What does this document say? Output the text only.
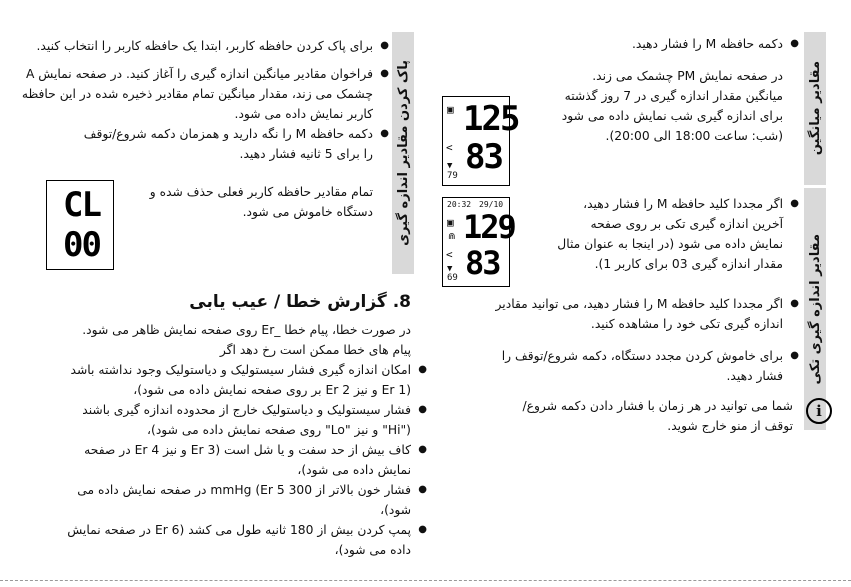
مقادیر میانگین
مقادیر اندازه گیری تکی
● دکمه حافظه M را فشار دهید.
در صفحه نمایش PM چشمک می زند.
میانگین مقدار اندازه گیری در 7 روز گذشته
برای اندازه گیری شب نمایش داده می شود
(شب: ساعت 18:00 الی 20:00).
▣ 125
83
<
▼
79
● اگر مجددا کلید حافظه M را فشار دهید،
آخرین اندازه گیری تکی بر روی صفحه
نمایش داده می شود (در اینجا به عنوان مثال
مقدار اندازه گیری 03 برای کاربر 1).
20:32 29/10
▣
⋒ 129
83
<
▼
69
● اگر مجددا کلید حافظه M را فشار دهید، می توانید مقادیر
اندازه گیری تکی خود را مشاهده کنید.
● برای خاموش کردن مجدد دستگاه، دکمه شروع/توقف را
فشار دهید.
i
شما می توانید در هر زمان با فشار دادن دکمه شروع/
توقف از منو خارج شوید.
پاک کردن مقادیر اندازه گیری
● برای پاک کردن حافظه کاربر، ابتدا یک حافظه کاربر را انتخاب کنید.
● فراخوان مقادیر میانگین اندازه گیری را آغاز کنید. در صفحه نمایش A
چشمک می زند، مقدار میانگین تمام مقادیر ذخیره شده در این حافظه
کاربر نمایش داده می شود.
● دکمه حافظه M را نگه دارید و همزمان دکمه شروع/توقف
را برای 5 ثانیه فشار دهید.
CL
00
تمام مقادیر حافظه کاربر فعلی حذف شده و
دستگاه خاموش می شود.
8. گزارش خطا / عیب یابی
در صورت خطا، پیام خطا _Er روی صفحه نمایش ظاهر می شود.
پیام های خطا ممکن است رخ دهد اگر
● امکان اندازه گیری فشار سیستولیک و دیاستولیک وجود نداشته باشد
(Er 1 و نیز Er 2 بر روی صفحه نمایش داده می شود)،
● فشار سیستولیک و دیاستولیک خارج از محدوده اندازه گیری باشند
("Hi" و نیز "Lo" روی صفحه نمایش داده می شود)،
● کاف بیش از حد سفت و یا شل است (Er 3 و نیز Er 4 در صفحه
نمایش داده می شود)،
● فشار خون بالاتر از 300 mmHg (Er 5 در صفحه نمایش داده می
شود)،
● پمپ کردن بیش از 180 ثانیه طول می کشد (Er 6 در صفحه نمایش
داده می شود)،
